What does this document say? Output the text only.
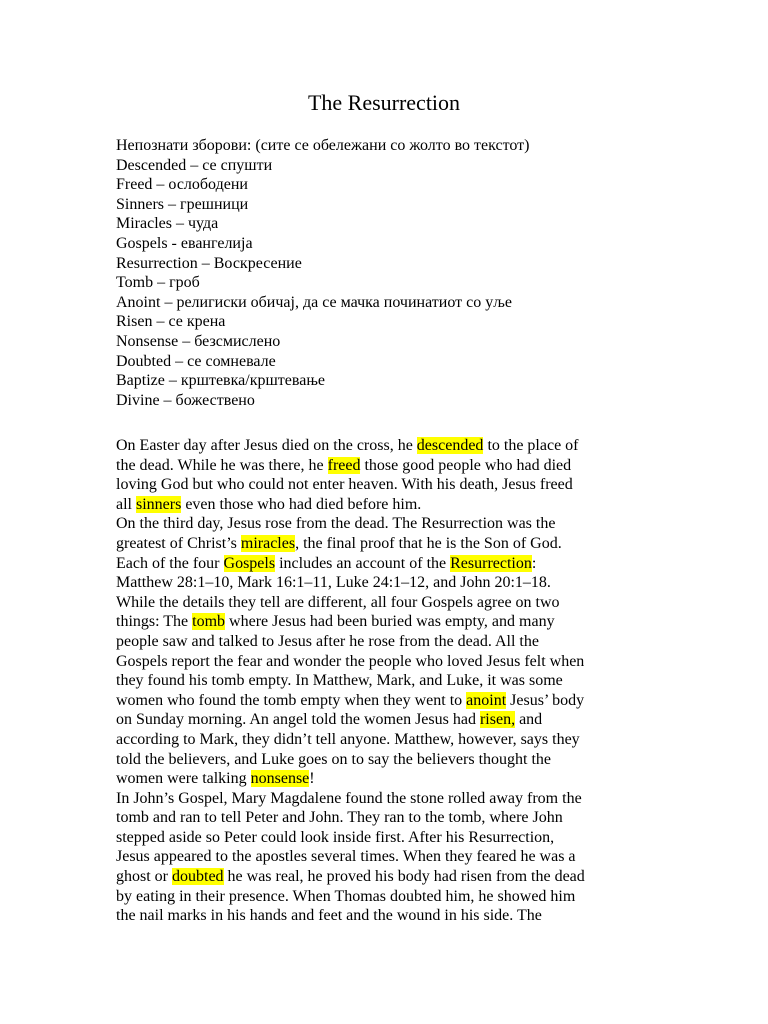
The Resurrection
Непознати зборови: (сите се обележани со жолто во текстот)
Descended – се спушти
Freed – ослободени
Sinners – грешници
Miracles – чуда
Gospels - евангелија
Resurrection – Воскресение
Tomb – гроб
Anoint – религиски обичај, да се мачка починатиот со уље
Risen – се крена
Nonsense – безсмислено
Doubted – се сомневале
Baptize – крштевка/крштевање
Divine – божествено
On Easter day after Jesus died on the cross, he descended to the place of
the dead. While he was there, he freed those good people who had died
loving God but who could not enter heaven. With his death, Jesus freed
all sinners even those who had died before him.
On the third day, Jesus rose from the dead. The Resurrection was the
greatest of Christ’s miracles, the final proof that he is the Son of God.
Each of the four Gospels includes an account of the Resurrection:
Matthew 28:1–10, Mark 16:1–11, Luke 24:1–12, and John 20:1–18.
While the details they tell are different, all four Gospels agree on two
things: The tomb where Jesus had been buried was empty, and many
people saw and talked to Jesus after he rose from the dead. All the
Gospels report the fear and wonder the people who loved Jesus felt when
they found his tomb empty. In Matthew, Mark, and Luke, it was some
women who found the tomb empty when they went to anoint Jesus’ body
on Sunday morning. An angel told the women Jesus had risen, and
according to Mark, they didn’t tell anyone. Matthew, however, says they
told the believers, and Luke goes on to say the believers thought the
women were talking nonsense!
In John’s Gospel, Mary Magdalene found the stone rolled away from the
tomb and ran to tell Peter and John. They ran to the tomb, where John
stepped aside so Peter could look inside first. After his Resurrection,
Jesus appeared to the apostles several times. When they feared he was a
ghost or doubted he was real, he proved his body had risen from the dead
by eating in their presence. When Thomas doubted him, he showed him
the nail marks in his hands and feet and the wound in his side. The
